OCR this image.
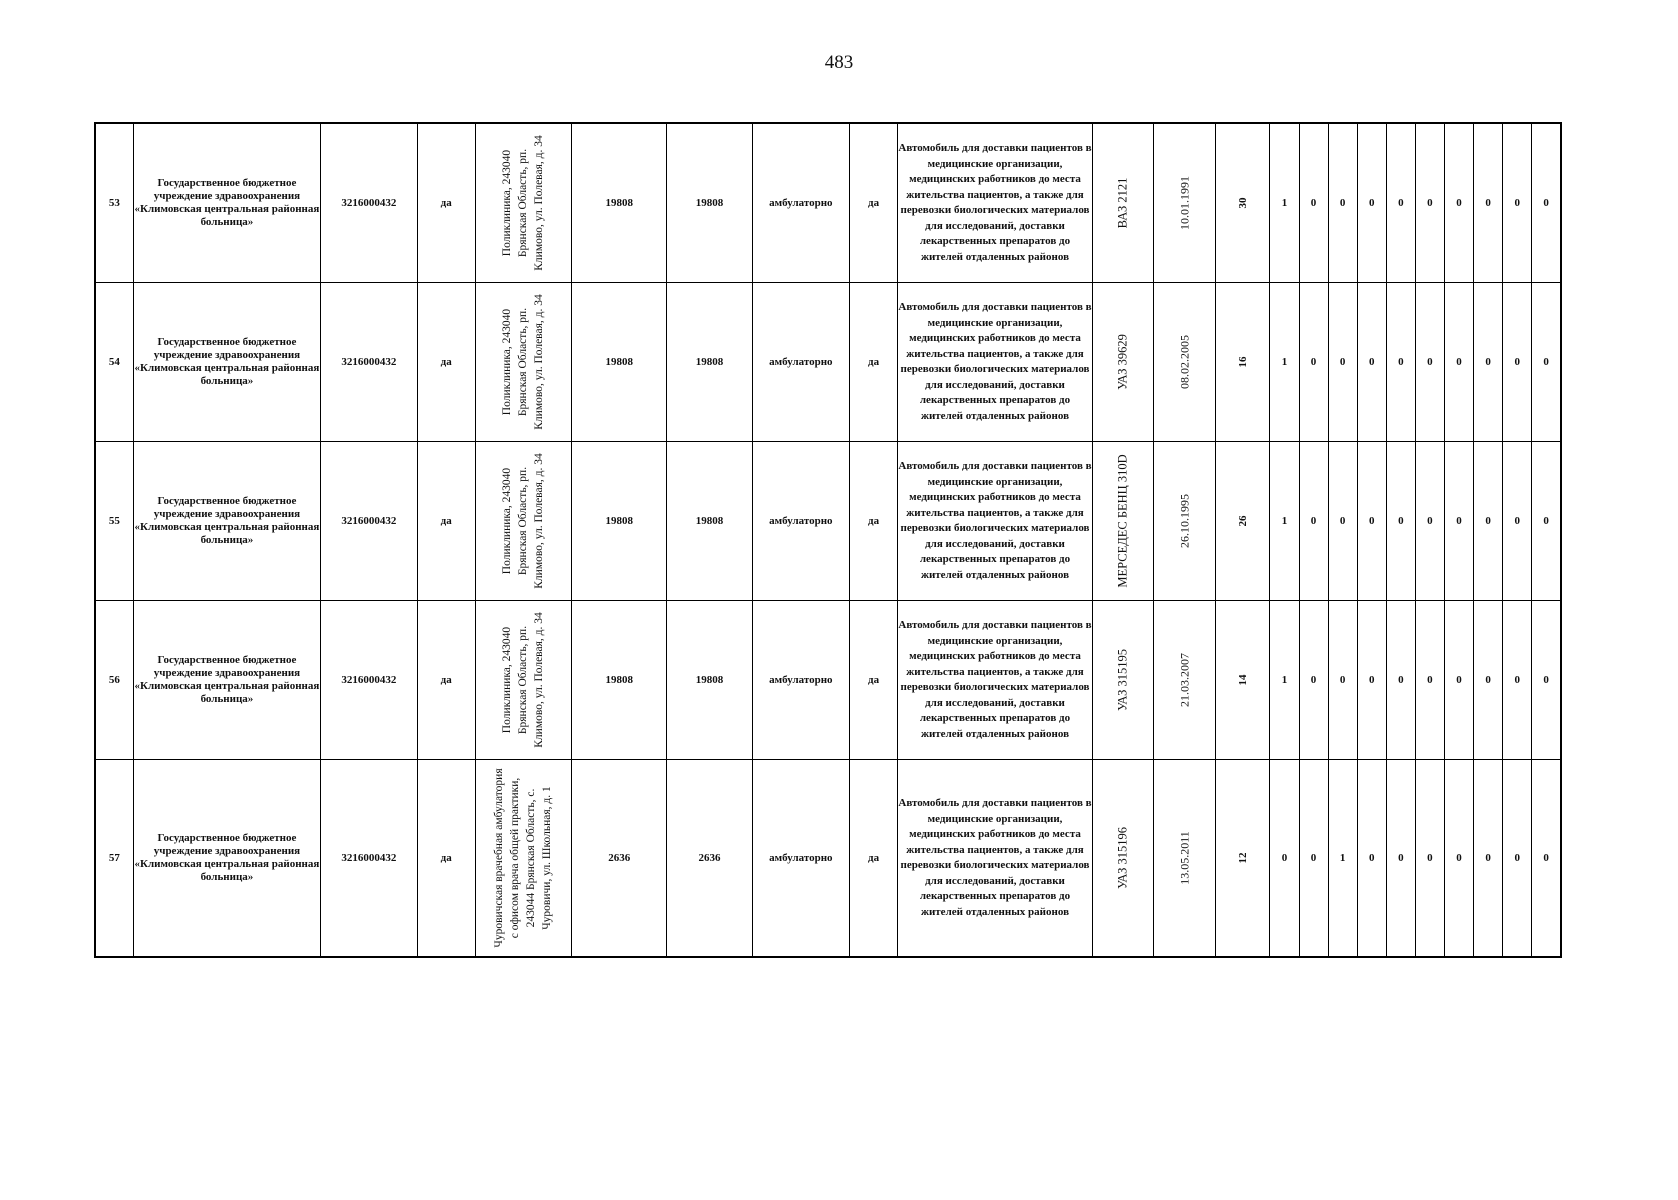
483
53	Государственное бюджетное учреждение здравоохранения «Климовская центральная районная больница»	3216000432	да	Поликлиника, 243040 Брянская Область, рп. Климово, ул. Полевая, д. 34	19808	19808	амбулаторно	да	Автомобиль для доставки пациентов в медицинские организации, медицинских работников до места жительства пациентов, а также для перевозки биологических материалов для исследований, доставки лекарственных препаратов до жителей отдаленных районов	ВАЗ 2121	10.01.1991	30	1	0	0	0	0	0	0	0	0	0
54	Государственное бюджетное учреждение здравоохранения «Климовская центральная районная больница»	3216000432	да	Поликлиника, 243040 Брянская Область, рп. Климово, ул. Полевая, д. 34	19808	19808	амбулаторно	да	Автомобиль для доставки пациентов в медицинские организации, медицинских работников до места жительства пациентов, а также для перевозки биологических материалов для исследований, доставки лекарственных препаратов до жителей отдаленных районов	УАЗ 39629	08.02.2005	16	1	0	0	0	0	0	0	0	0	0
55	Государственное бюджетное учреждение здравоохранения «Климовская центральная районная больница»	3216000432	да	Поликлиника, 243040 Брянская Область, рп. Климово, ул. Полевая, д. 34	19808	19808	амбулаторно	да	Автомобиль для доставки пациентов в медицинские организации, медицинских работников до места жительства пациентов, а также для перевозки биологических материалов для исследований, доставки лекарственных препаратов до жителей отдаленных районов	МЕРСЕДЕС БЕНЦ 310D	26.10.1995	26	1	0	0	0	0	0	0	0	0	0
56	Государственное бюджетное учреждение здравоохранения «Климовская центральная районная больница»	3216000432	да	Поликлиника, 243040 Брянская Область, рп. Климово, ул. Полевая, д. 34	19808	19808	амбулаторно	да	Автомобиль для доставки пациентов в медицинские организации, медицинских работников до места жительства пациентов, а также для перевозки биологических материалов для исследований, доставки лекарственных препаратов до жителей отдаленных районов	УАЗ 315195	21.03.2007	14	1	0	0	0	0	0	0	0	0	0
57	Государственное бюджетное учреждение здравоохранения «Климовская центральная районная больница»	3216000432	да	Чуровичская врачебная амбулатория с офисом врача общей практики, 243044 Брянская Область, с. Чуровичи, ул. Школьная, д. 1	2636	2636	амбулаторно	да	Автомобиль для доставки пациентов в медицинские организации, медицинских работников до места жительства пациентов, а также для перевозки биологических материалов для исследований, доставки лекарственных препаратов до жителей отдаленных районов	УАЗ 315196	13.05.2011	12	0	0	1	0	0	0	0	0	0	0
